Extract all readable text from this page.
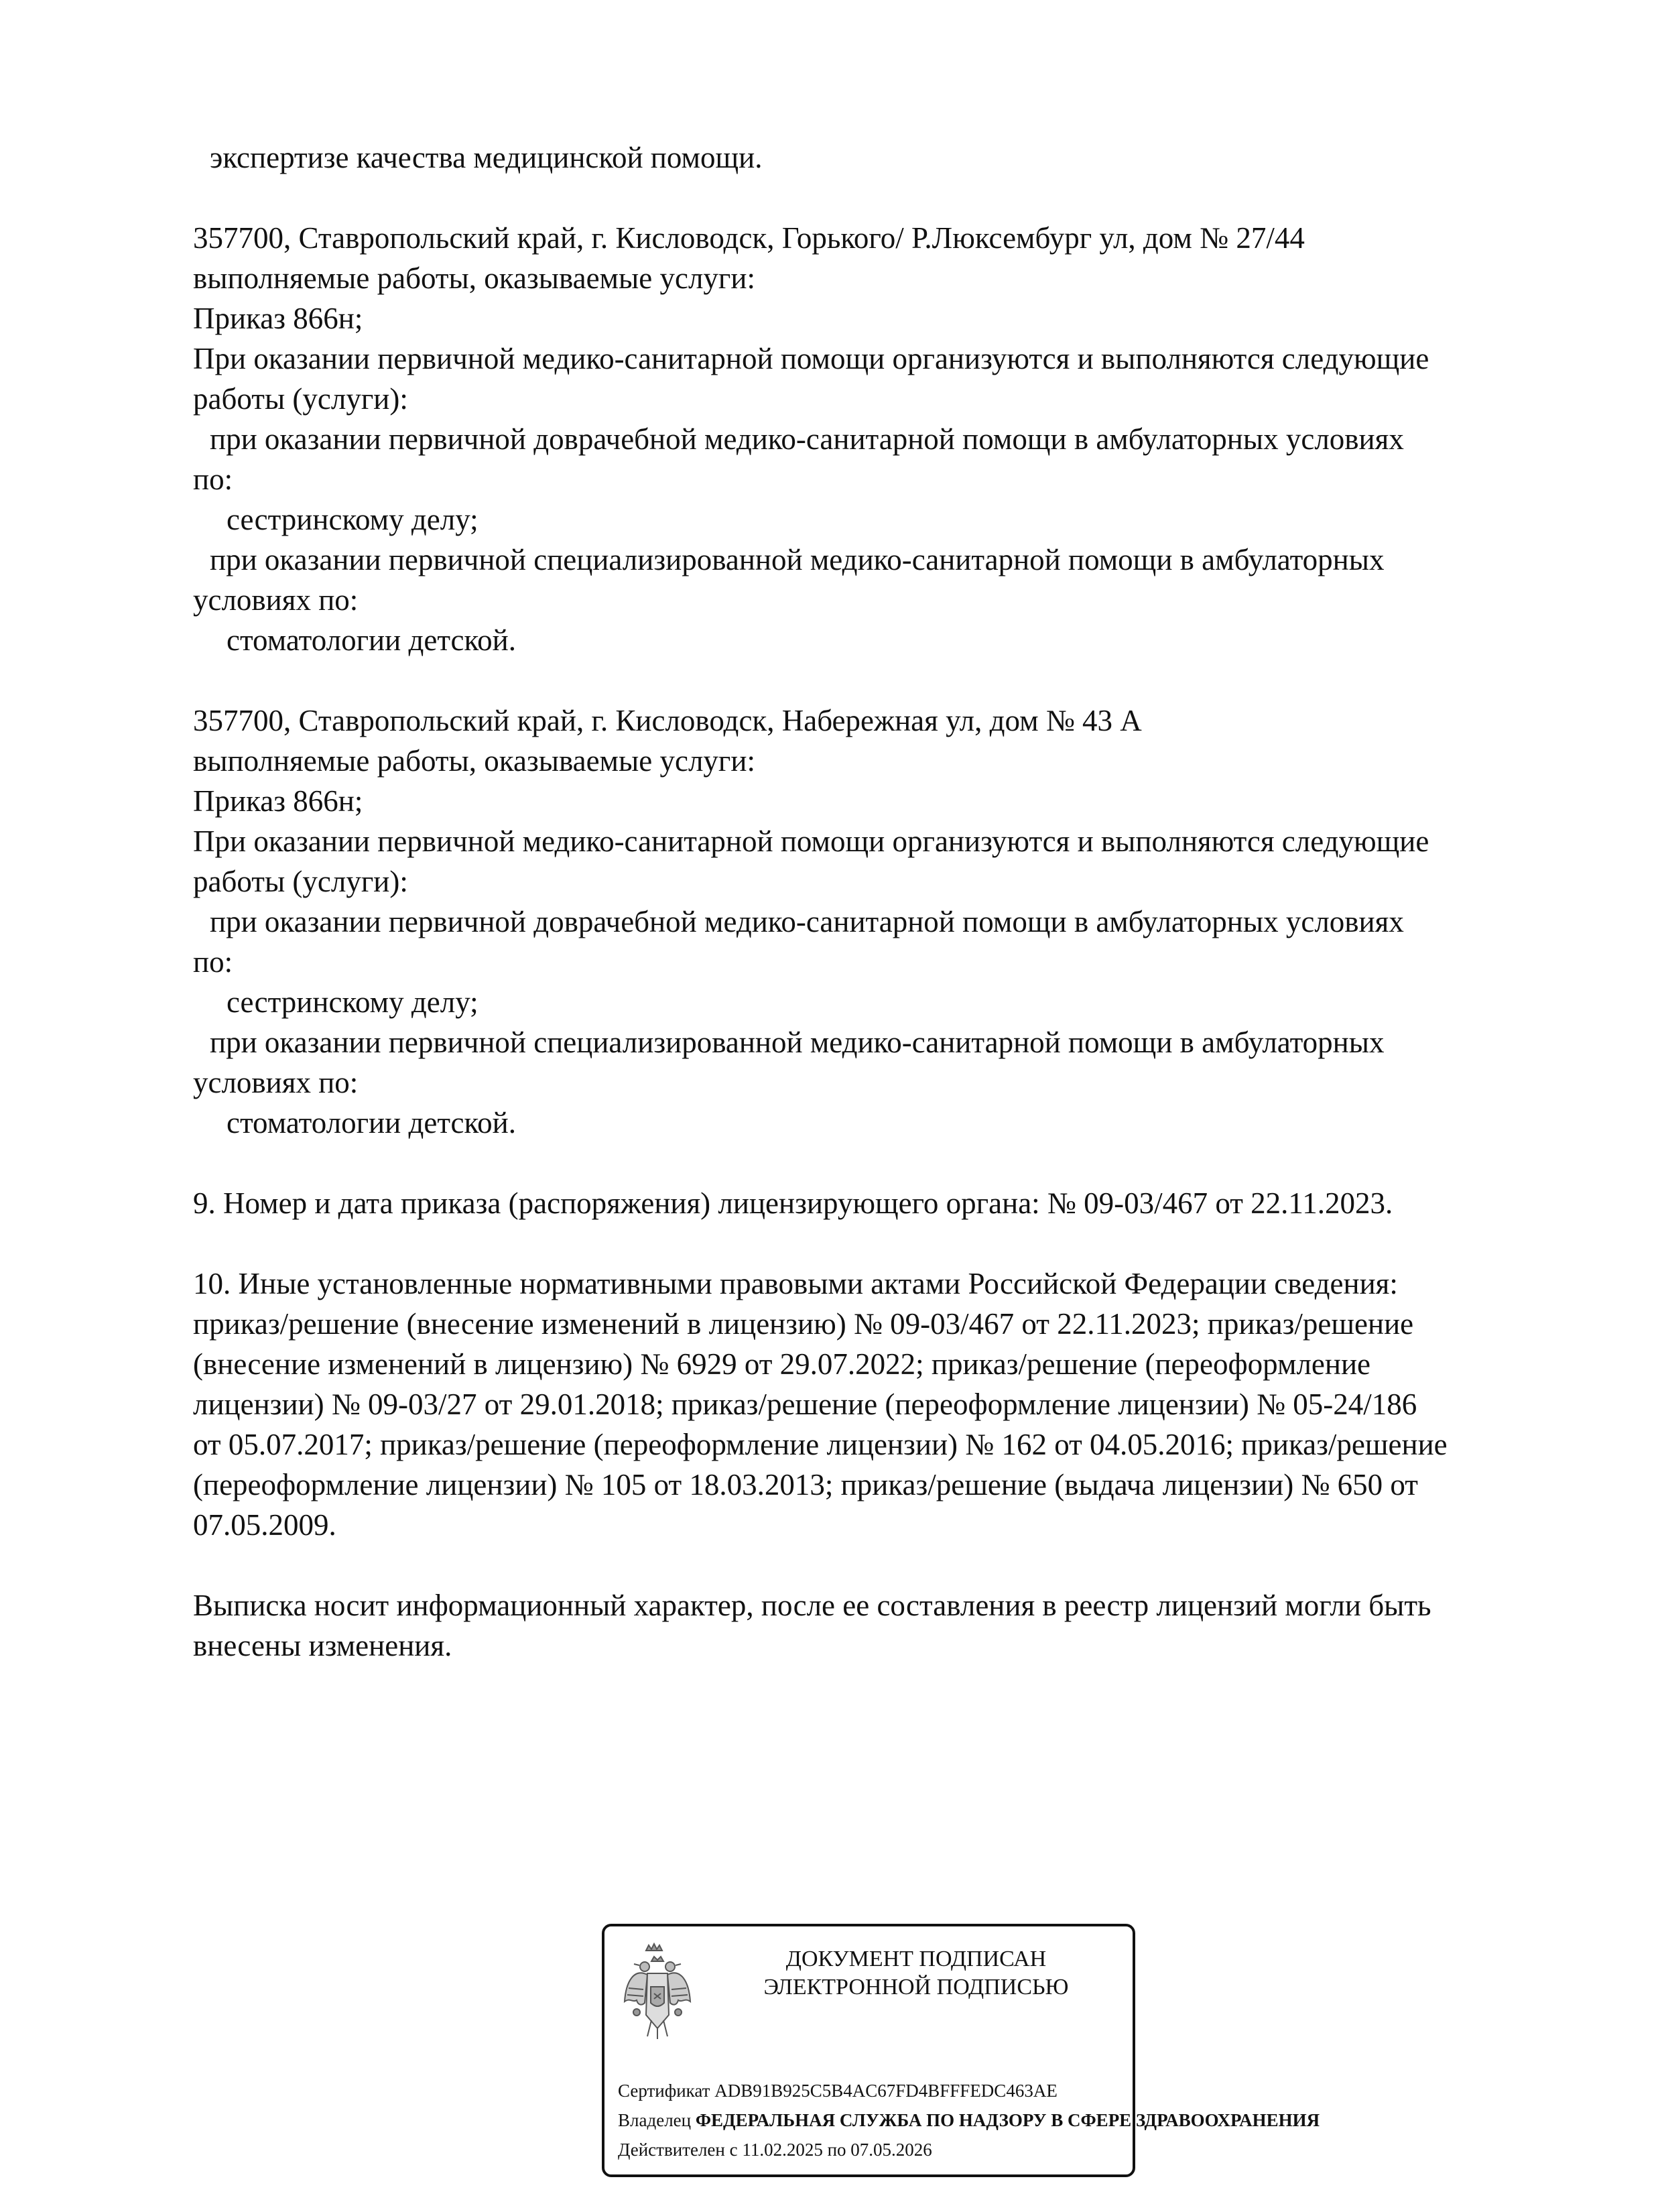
экспертизе качества медицинской помощи.
357700, Ставропольский край, г. Кисловодск, Горького/ Р.Люксембург ул, дом № 27/44
выполняемые работы, оказываемые услуги:
Приказ 866н;
При оказании первичной медико-санитарной помощи организуются и выполняются следующие
работы (услуги):
при оказании первичной доврачебной медико-санитарной помощи в амбулаторных условиях
по:
сестринскому делу;
при оказании первичной специализированной медико-санитарной помощи в амбулаторных
условиях по:
стоматологии детской.
357700, Ставропольский край, г. Кисловодск, Набережная ул, дом № 43 А
выполняемые работы, оказываемые услуги:
Приказ 866н;
При оказании первичной медико-санитарной помощи организуются и выполняются следующие
работы (услуги):
при оказании первичной доврачебной медико-санитарной помощи в амбулаторных условиях
по:
сестринскому делу;
при оказании первичной специализированной медико-санитарной помощи в амбулаторных
условиях по:
стоматологии детской.
9. Номер и дата приказа (распоряжения) лицензирующего органа: № 09-03/467 от 22.11.2023.
10. Иные установленные нормативными правовыми актами Российской Федерации сведения:
приказ/решение (внесение изменений в лицензию) № 09-03/467 от 22.11.2023; приказ/решение
(внесение изменений в лицензию) № 6929 от 29.07.2022; приказ/решение (переоформление
лицензии) № 09-03/27 от 29.01.2018; приказ/решение (переоформление лицензии) № 05-24/186
от 05.07.2017; приказ/решение (переоформление лицензии) № 162 от 04.05.2016; приказ/решение
(переоформление лицензии) № 105 от 18.03.2013; приказ/решение (выдача лицензии) № 650 от
07.05.2009.
Выписка носит информационный характер, после ее составления в реестр лицензий могли быть
внесены изменения.
ДОКУМЕНТ ПОДПИСАН
ЭЛЕКТРОННОЙ ПОДПИСЬЮ
Сертификат ADB91B925C5B4AC67FD4BFFFEDC463AE
Владелец ФЕДЕРАЛЬНАЯ СЛУЖБА ПО НАДЗОРУ В СФЕРЕ ЗДРАВООХРАНЕНИЯ
Действителен с 11.02.2025 по 07.05.2026
